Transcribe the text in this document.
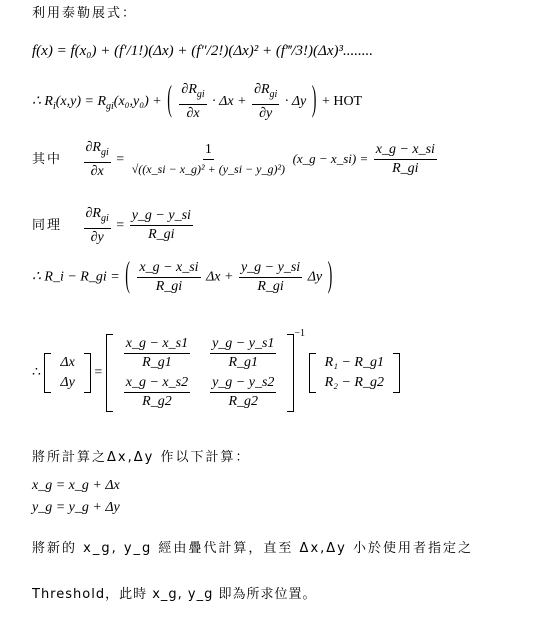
利用泰勒展式：
f(x) = f(x₀) + (f′/1!)(Δx) + (f″/2!)(Δx)² + (f‴/3!)(Δx)³........
∴ $R_i(x,y) = R_{gi}(x_0,y_0)$ + ( $\frac{\partial R_{gi}}{\partial x} \cdot \Delta x + \frac{\partial R_{gi}}{\partial y} \cdot \Delta y$ ) + HOT
其中 $\frac{\partial R_{gi}}{\partial x} = \frac{1}{\text{√((x\_si − x\_g)² + (y\_si − y\_g)²)}}$ (x_g − x_si) = $\frac{x\_g - x\_si}{R\_gi}$
同理 $\frac{\partial R_{gi}}{\partial y} = \frac{y\_g - y\_si}{R\_gi}$
∴ R_i − R_gi = ( $\frac{x\_g - x\_si}{R\_gi}$ $\Delta x + \frac{y\_g - y\_si}{R\_gi}$ Δy )
∴
Δx
Δy
=
$\frac{x\_g - x\_s1}{R\_g1}$	$\frac{y\_g - y\_s1}{R\_g1}$

$\frac{x\_g - x\_s2}{R\_g2}$	$\frac{y\_g - y\_s2}{R\_g2}$
$^{-1}$
R₁ − R_g1
R₂ − R_g2
將所計算之Δx,Δy 作以下計算：
x_g = x_g + Δx
y_g = y_g + Δy
將新的 x_g, y_g 經由疊代計算，直至 Δx,Δy 小於使用者指定之
Threshold，此時 x_g, y_g 即為所求位置。
